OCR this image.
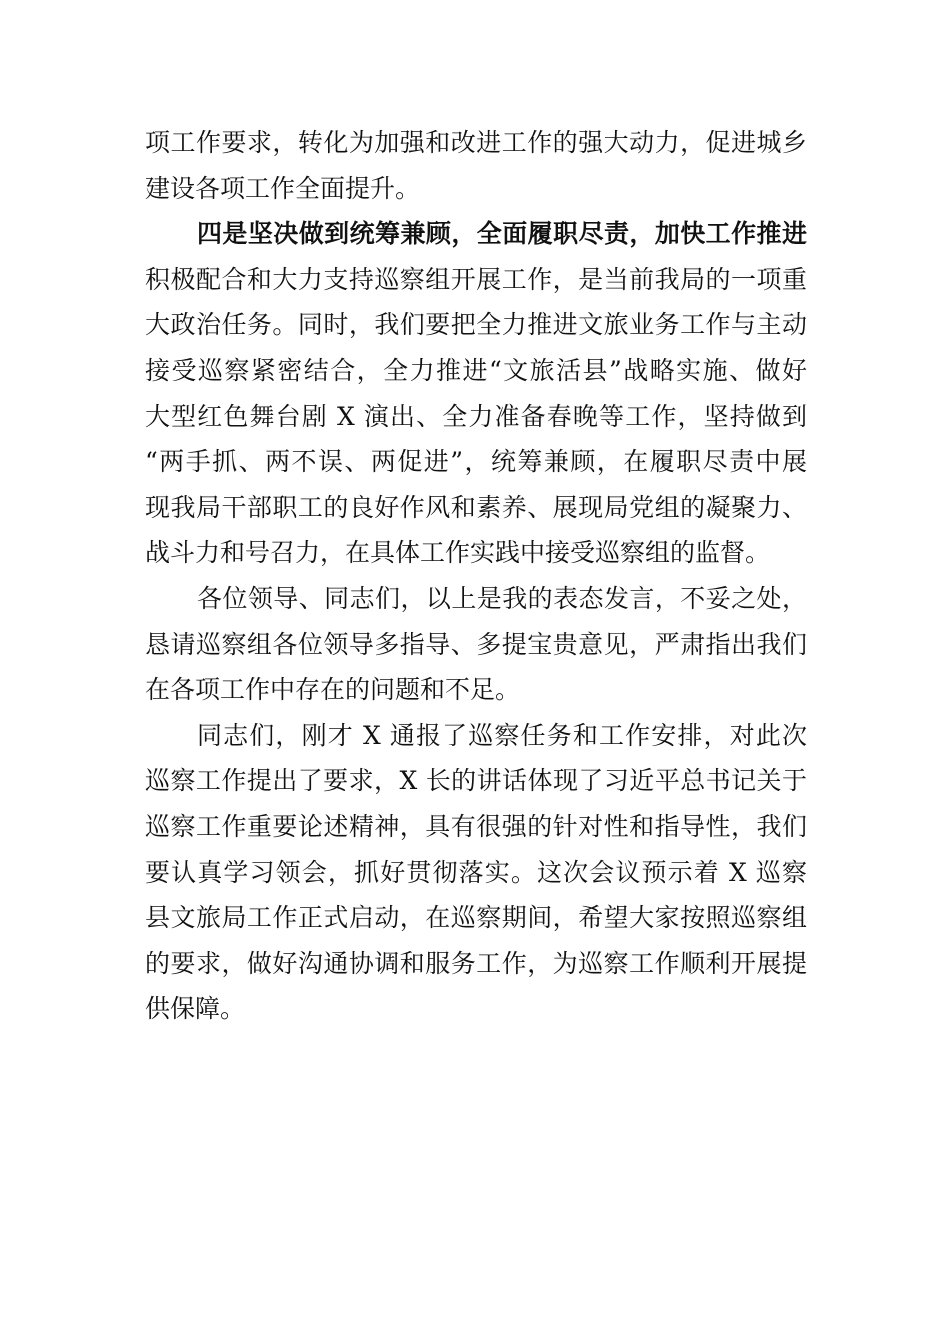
项工作要求，转化为加强和改进工作的强大动力，促进城乡
建设各项工作全面提升。
四是坚决做到统筹兼顾，全面履职尽责，加快工作推进
积极配合和大力支持巡察组开展工作，是当前我局的一项重
大政治任务。同时，我们要把全力推进文旅业务工作与主动
接受巡察紧密结合，全力推进“文旅活县”战略实施、做好
大型红色舞台剧 X 演出、全力准备春晚等工作，坚持做到
“两手抓、两不误、两促进”，统筹兼顾，在履职尽责中展
现我局干部职工的良好作风和素养、展现局党组的凝聚力、
战斗力和号召力，在具体工作实践中接受巡察组的监督。
各位领导、同志们，以上是我的表态发言，不妥之处，
恳请巡察组各位领导多指导、多提宝贵意见，严肃指出我们
在各项工作中存在的问题和不足。
同志们，刚才 X 通报了巡察任务和工作安排，对此次
巡察工作提出了要求，X 长的讲话体现了习近平总书记关于
巡察工作重要论述精神，具有很强的针对性和指导性，我们
要认真学习领会，抓好贯彻落实。这次会议预示着 X 巡察
县文旅局工作正式启动，在巡察期间，希望大家按照巡察组
的要求，做好沟通协调和服务工作，为巡察工作顺利开展提
供保障。
